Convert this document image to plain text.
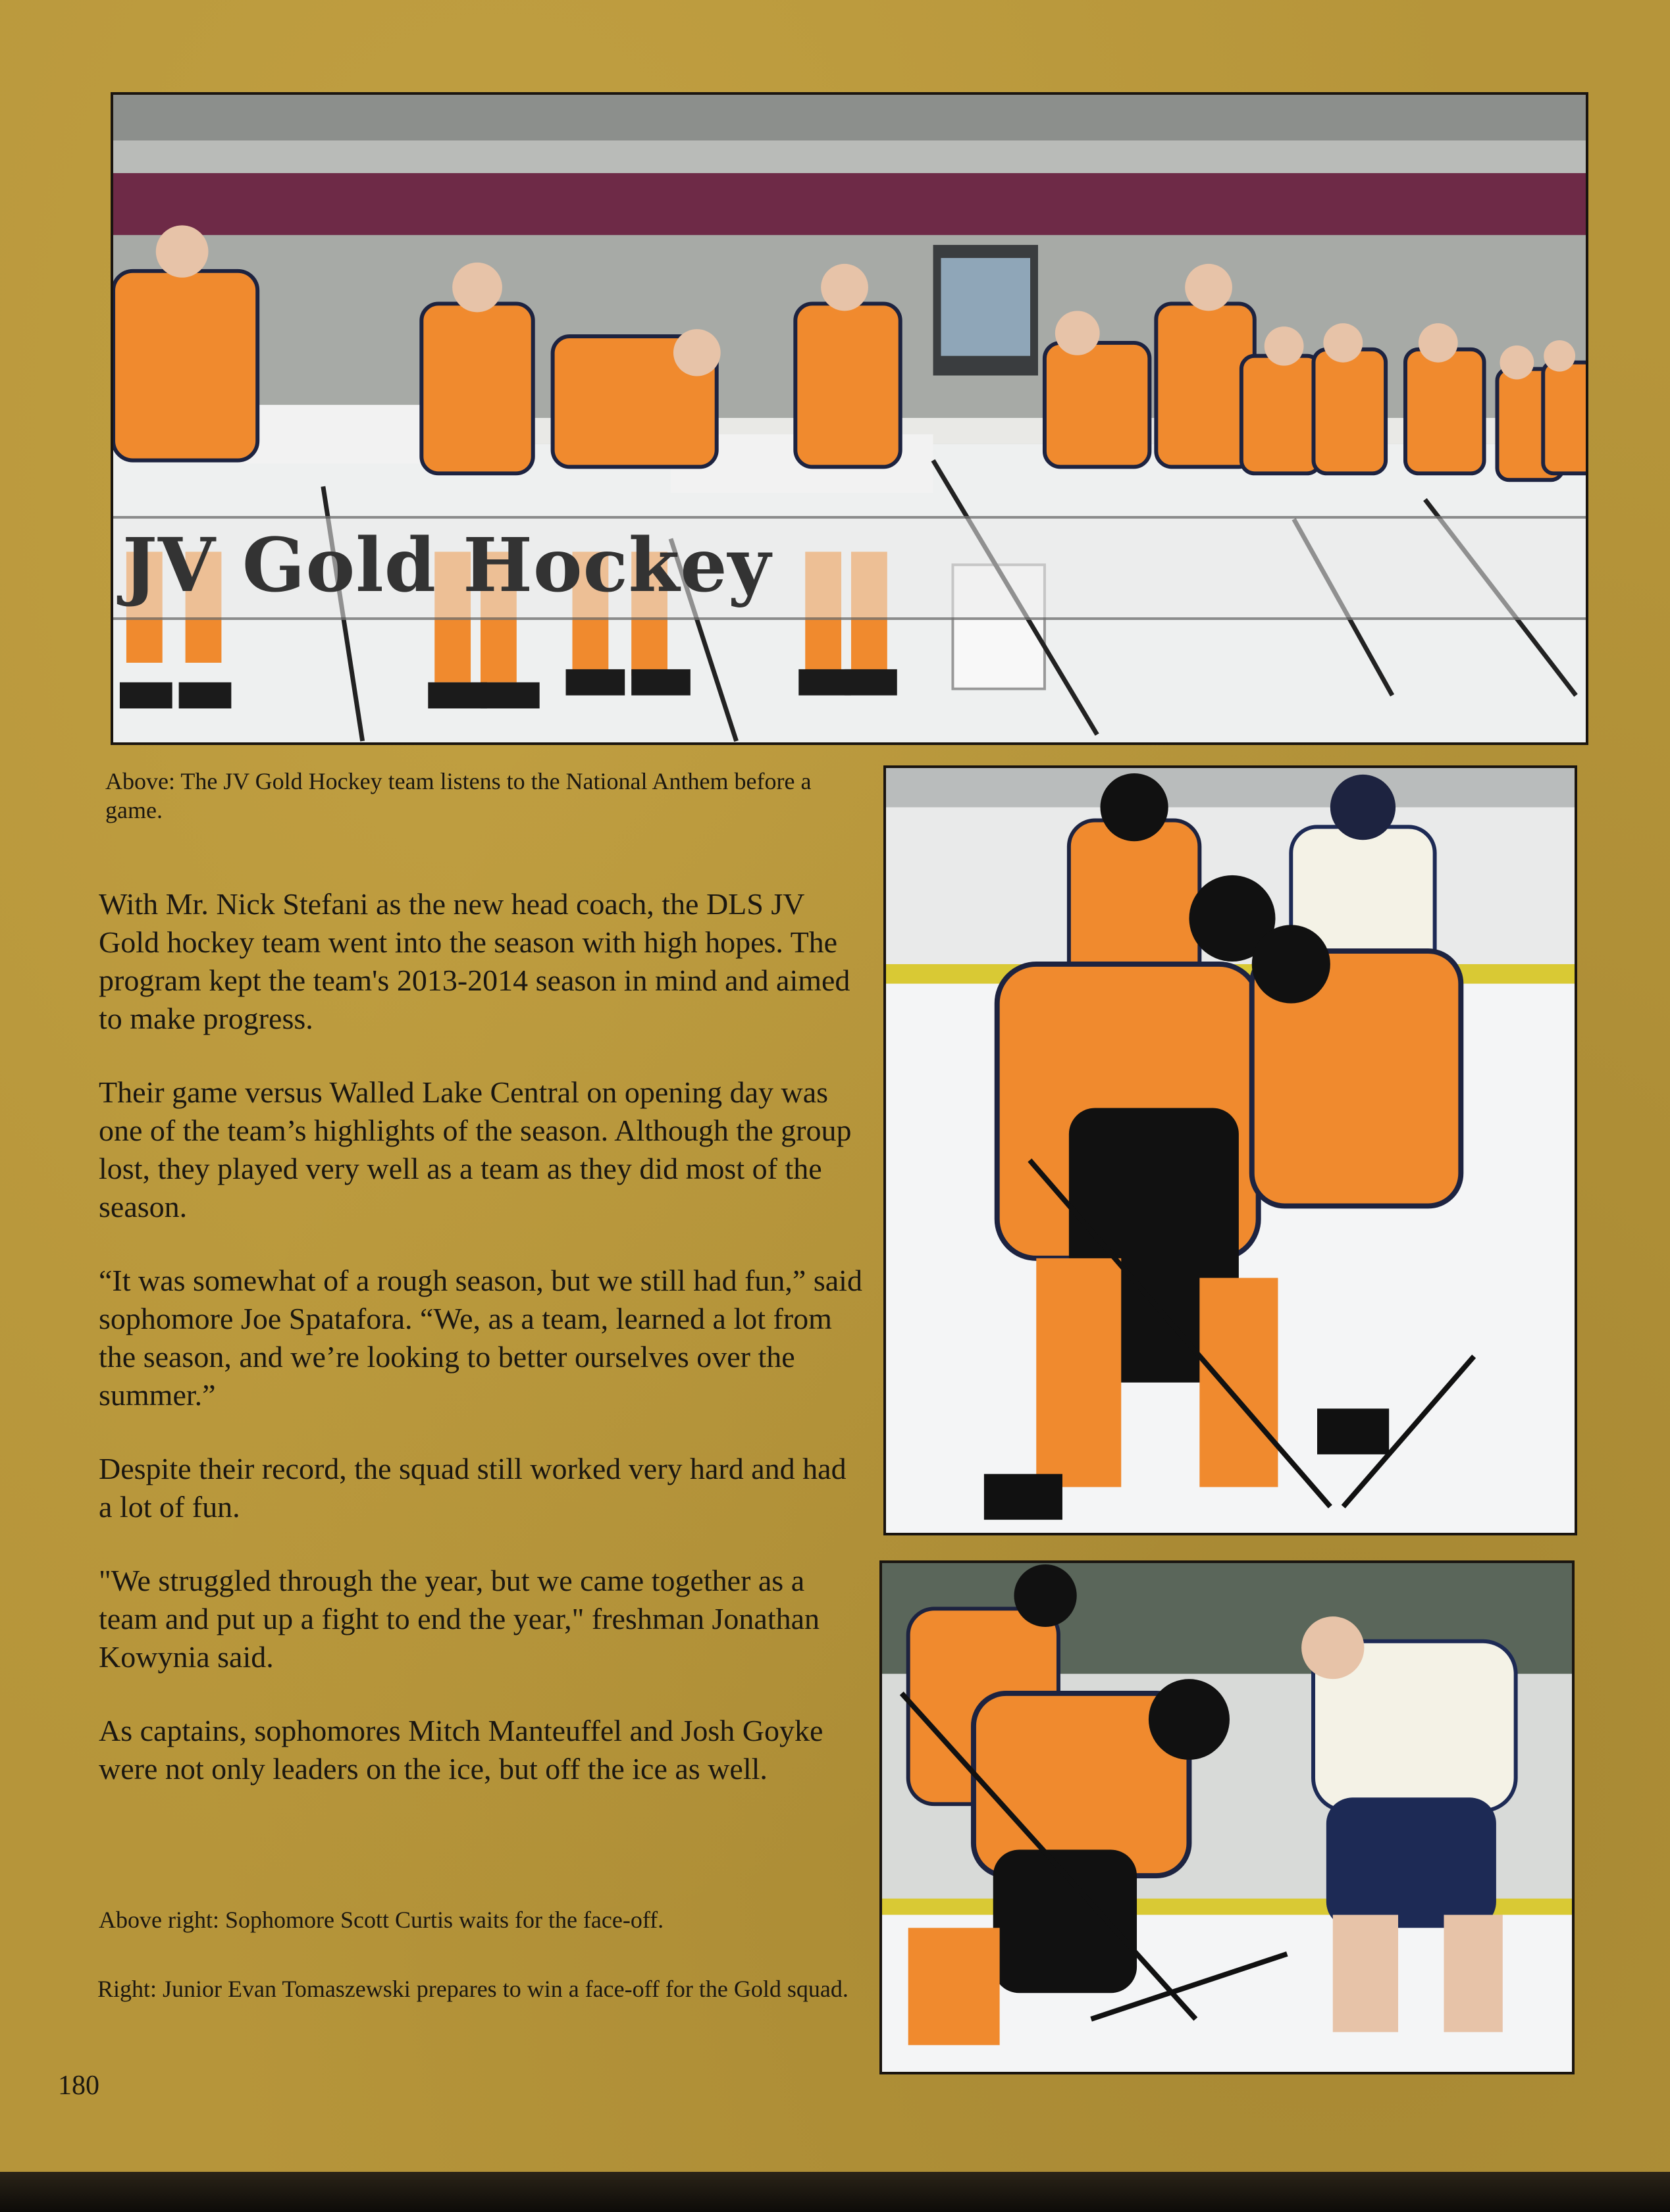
JV Gold Hockey
Above: The JV Gold Hockey team listens to the National Anthem before a game.

With Mr. Nick Stefani as the new head coach, the DLS JV Gold hockey team went into the season with high hopes. The program kept the team's 2013-2014 season in mind and aimed to make progress.

Their game versus Walled Lake Central on opening day was one of the team’s highlights of the season. Although the group lost, they played very well as a team as they did most of the season.

“It was somewhat of a rough season, but we still had fun,” said sophomore Joe Spatafora. “We, as a team, learned a lot from the season, and we’re looking to better ourselves over the summer.”

Despite their record, the squad still worked very hard and had a lot of fun.

"We struggled through the year, but we came together as a team and put up a fight to end the year," freshman Jonathan Kowynia said.

As captains, sophomores Mitch Manteuffel and Josh Goyke were not only leaders on the ice, but off the ice as well.

Above right: Sophomore Scott Curtis waits for the face-off.
Right: Junior Evan Tomaszewski prepares to win a face-off for the Gold squad.
180
